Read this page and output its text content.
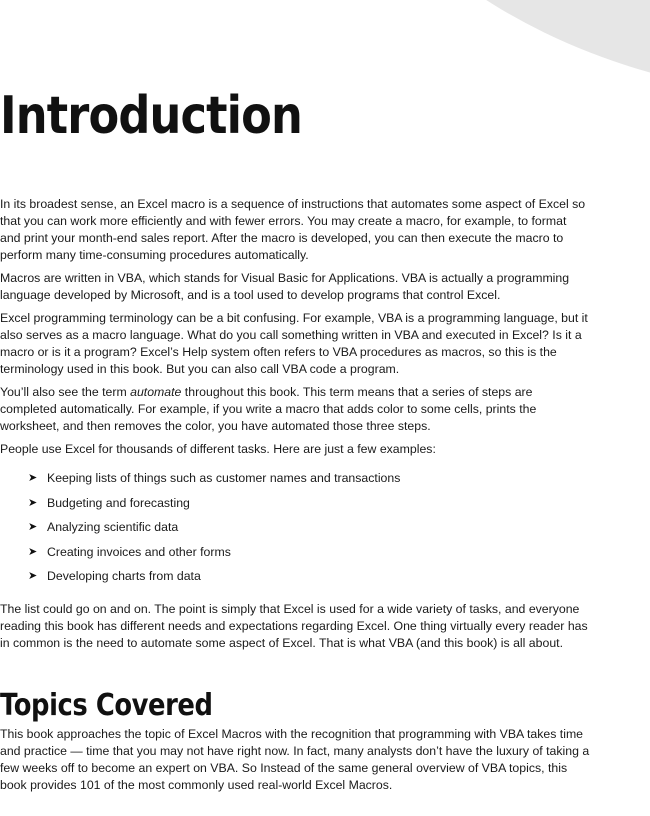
Introduction

In its broadest sense, an Excel macro is a sequence of instructions that automates some aspect of Excel so that you can work more efficiently and with fewer errors. You may create a macro, for example, to format and print your month-end sales report. After the macro is developed, you can then execute the macro to perform many time-consuming procedures automatically.

Macros are written in VBA, which stands for Visual Basic for Applications. VBA is actually a programming language developed by Microsoft, and is a tool used to develop programs that control Excel.

Excel programming terminology can be a bit confusing. For example, VBA is a programming language, but it also serves as a macro language. What do you call something written in VBA and executed in Excel? Is it a macro or is it a program? Excel’s Help system often refers to VBA procedures as macros, so this is the terminology used in this book. But you can also call VBA code a program.

You’ll also see the term automate throughout this book. This term means that a series of steps are completed automatically. For example, if you write a macro that adds color to some cells, prints the worksheet, and then removes the color, you have automated those three steps.

People use Excel for thousands of different tasks. Here are just a few examples:

➤ Keeping lists of things such as customer names and transactions
➤ Budgeting and forecasting
➤ Analyzing scientific data
➤ Creating invoices and other forms
➤ Developing charts from data

The list could go on and on. The point is simply that Excel is used for a wide variety of tasks, and everyone reading this book has different needs and expectations regarding Excel. One thing virtually every reader has in common is the need to automate some aspect of Excel. That is what VBA (and this book) is all about.

Topics Covered

This book approaches the topic of Excel Macros with the recognition that programming with VBA takes time and practice — time that you may not have right now. In fact, many analysts don’t have the luxury of taking a few weeks off to become an expert on VBA. So Instead of the same general overview of VBA topics, this book provides 101 of the most commonly used real-world Excel Macros.
